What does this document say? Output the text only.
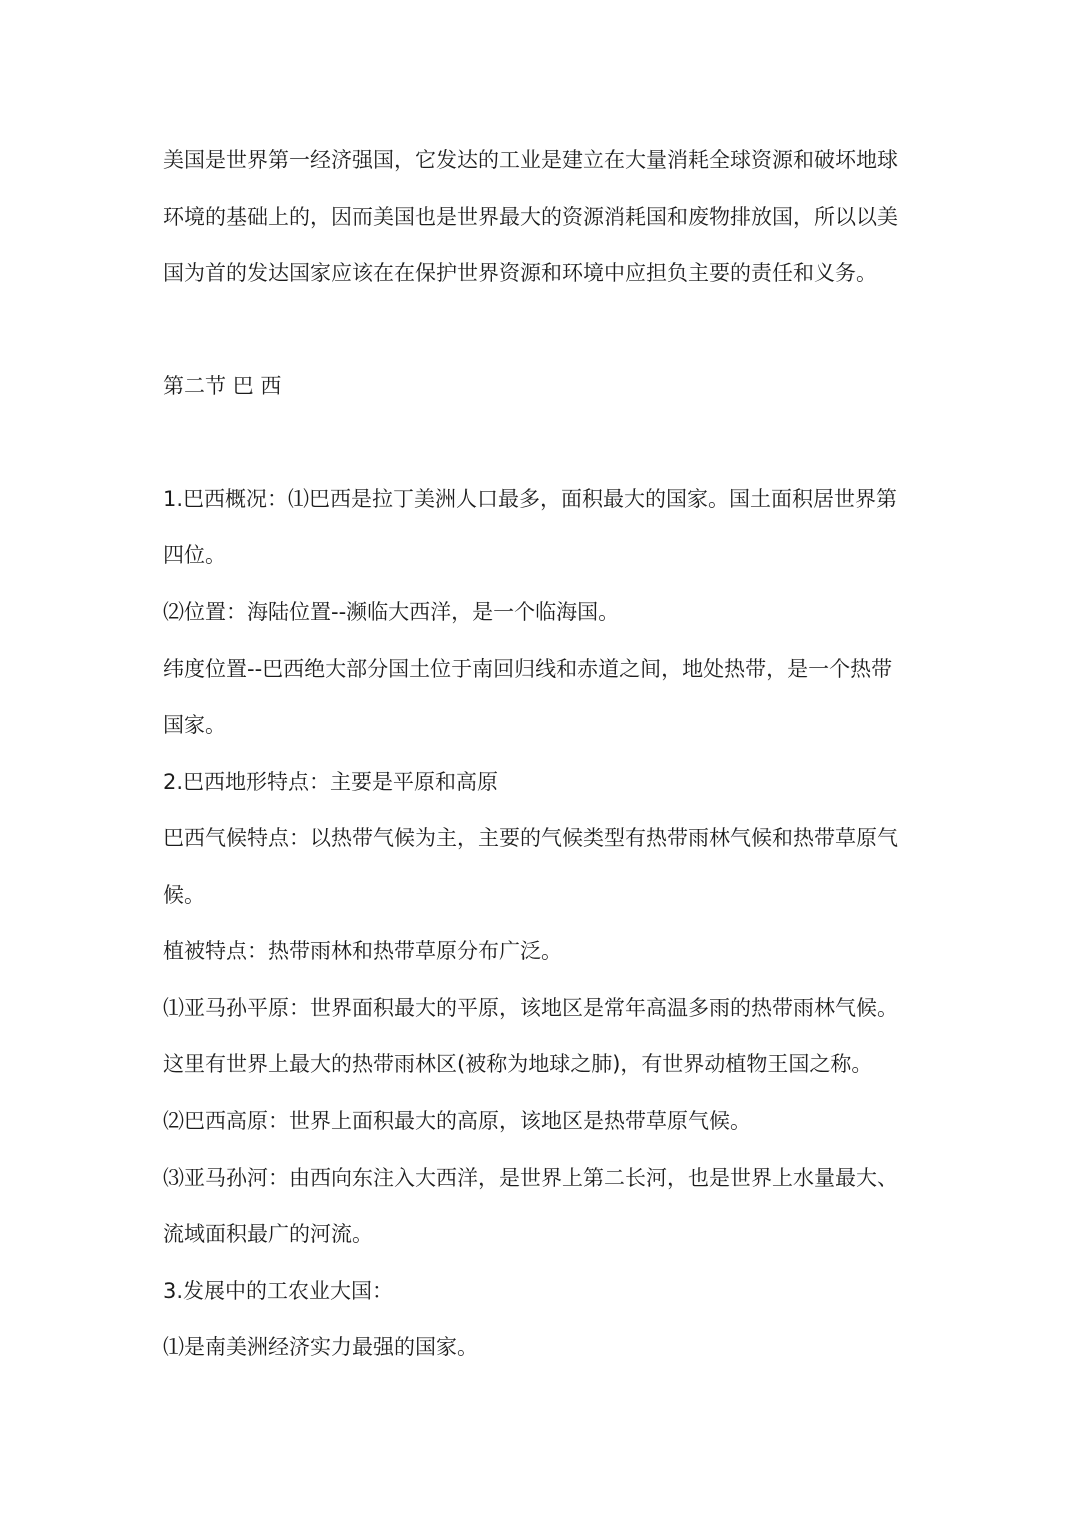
美国是世界第一经济强国，它发达的工业是建立在大量消耗全球资源和破坏地球
环境的基础上的，因而美国也是世界最大的资源消耗国和废物排放国，所以以美
国为首的发达国家应该在在保护世界资源和环境中应担负主要的责任和义务。
第二节 巴 西
1.巴西概况：⑴巴西是拉丁美洲人口最多，面积最大的国家。国土面积居世界第
四位。
⑵位置：海陆位置--濒临大西洋，是一个临海国。
纬度位置--巴西绝大部分国土位于南回归线和赤道之间，地处热带，是一个热带
国家。
2.巴西地形特点：主要是平原和高原
巴西气候特点：以热带气候为主，主要的气候类型有热带雨林气候和热带草原气
候。
植被特点：热带雨林和热带草原分布广泛。
⑴亚马孙平原：世界面积最大的平原，该地区是常年高温多雨的热带雨林气候。
这里有世界上最大的热带雨林区(被称为地球之肺)，有世界动植物王国之称。
⑵巴西高原：世界上面积最大的高原，该地区是热带草原气候。
⑶亚马孙河：由西向东注入大西洋，是世界上第二长河，也是世界上水量最大、
流域面积最广的河流。
3.发展中的工农业大国：
⑴是南美洲经济实力最强的国家。
